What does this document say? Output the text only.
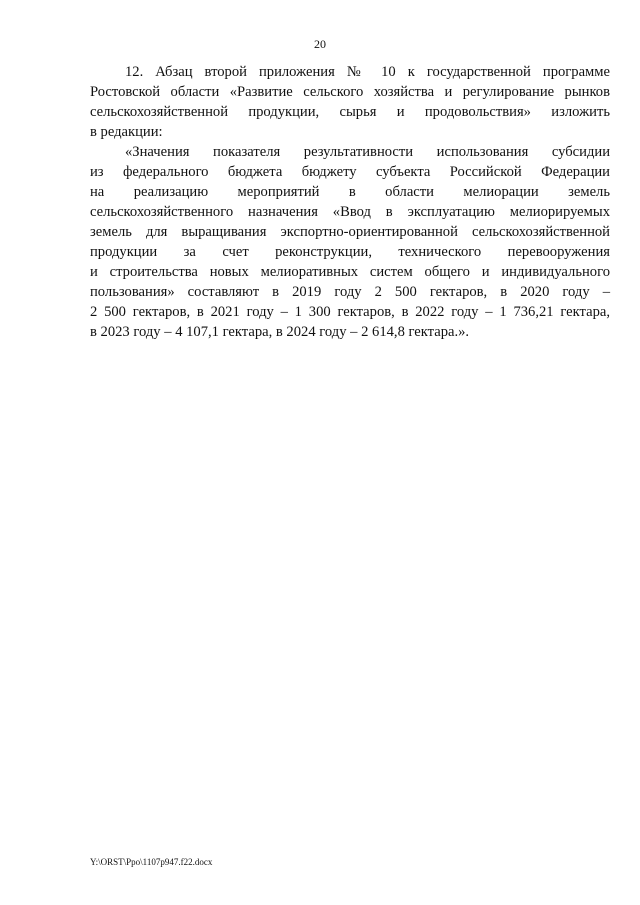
20
12. Абзац второй приложения № 10 к государственной программе
Ростовской области «Развитие сельского хозяйства и регулирование рынков
сельскохозяйственной продукции, сырья и продовольствия» изложить
в редакции:
«Значения показателя результативности использования субсидии
из федерального бюджета бюджету субъекта Российской Федерации
на реализацию мероприятий в области мелиорации земель
сельскохозяйственного назначения «Ввод в эксплуатацию мелиорируемых
земель для выращивания экспортно-ориентированной сельскохозяйственной
продукции за счет реконструкции, технического перевооружения
и строительства новых мелиоративных систем общего и индивидуального
пользования» составляют в 2019 году 2 500 гектаров, в 2020 году –
2 500 гектаров, в 2021 году – 1 300 гектаров, в 2022 году – 1 736,21 гектара,
в 2023 году – 4 107,1 гектара, в 2024 году – 2 614,8 гектара.».
Y:\ORST\Ppo\1107p947.f22.docx
